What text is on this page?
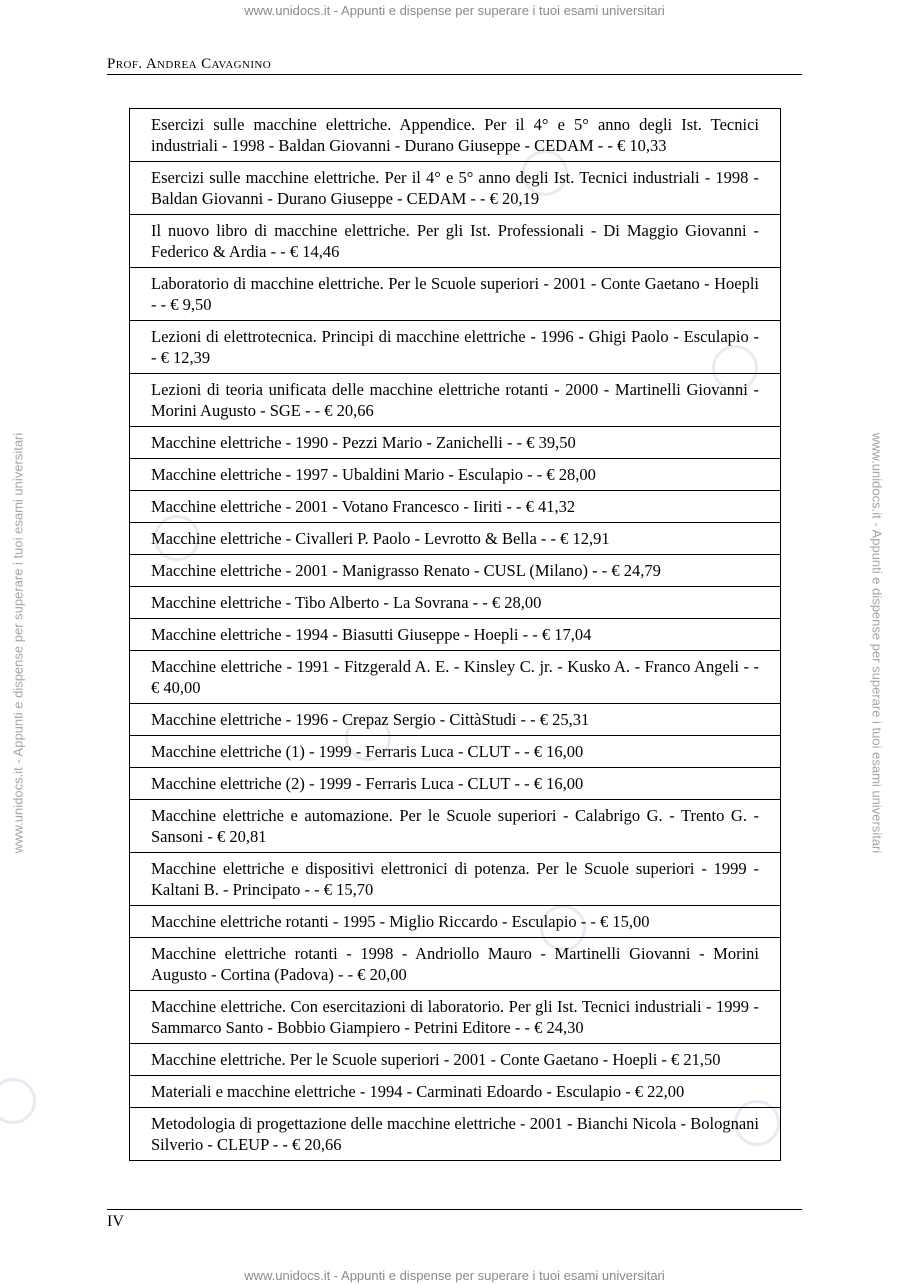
www.unidocs.it - Appunti e dispense per superare i tuoi esami universitari
www.unidocs.it - Appunti e dispense per superare i tuoi esami universitari
www.unidocs.it - Appunti e dispense per superare i tuoi esami universitari	www.unidocs.it - Appunti e dispense per superare i tuoi esami universitari
Prof. Andrea Cavagnino
Esercizi sulle macchine elettriche. Appendice. Per il 4° e 5° anno degli Ist. Tecnici industriali - 1998 - Baldan Giovanni - Durano Giuseppe - CEDAM - - € 10,33
Esercizi sulle macchine elettriche. Per il 4° e 5° anno degli Ist. Tecnici industriali - 1998 - Baldan Giovanni - Durano Giuseppe - CEDAM - - € 20,19
Il nuovo libro di macchine elettriche. Per gli Ist. Professionali - Di Maggio Giovanni - Federico & Ardia - - € 14,46
Laboratorio di macchine elettriche. Per le Scuole superiori - 2001 - Conte Gaetano - Hoepli - - € 9,50
Lezioni di elettrotecnica. Principi di macchine elettriche - 1996 - Ghigi Paolo - Esculapio - - € 12,39
Lezioni di teoria unificata delle macchine elettriche rotanti - 2000 - Martinelli Giovanni - Morini Augusto - SGE - - € 20,66
Macchine elettriche - 1990 - Pezzi Mario - Zanichelli - - € 39,50
Macchine elettriche - 1997 - Ubaldini Mario - Esculapio - - € 28,00
Macchine elettriche - 2001 - Votano Francesco - Iiriti - - € 41,32
Macchine elettriche - Civalleri P. Paolo - Levrotto & Bella - - € 12,91
Macchine elettriche - 2001 - Manigrasso Renato - CUSL (Milano) - - € 24,79
Macchine elettriche - Tibo Alberto - La Sovrana - - € 28,00
Macchine elettriche - 1994 - Biasutti Giuseppe - Hoepli - - € 17,04
Macchine elettriche - 1991 - Fitzgerald A. E. - Kinsley C. jr. - Kusko A. - Franco Angeli - - € 40,00
Macchine elettriche - 1996 - Crepaz Sergio - CittàStudi - - € 25,31
Macchine elettriche (1) - 1999 - Ferraris Luca - CLUT - - € 16,00
Macchine elettriche (2) - 1999 - Ferraris Luca - CLUT - - € 16,00
Macchine elettriche e automazione. Per le Scuole superiori - Calabrigo G. - Trento G. - Sansoni - € 20,81
Macchine elettriche e dispositivi elettronici di potenza. Per le Scuole superiori - 1999 - Kaltani B. - Principato - - € 15,70
Macchine elettriche rotanti - 1995 - Miglio Riccardo - Esculapio - - € 15,00
Macchine elettriche rotanti - 1998 - Andriollo Mauro - Martinelli Giovanni - Morini Augusto - Cortina (Padova) - - € 20,00
Macchine elettriche. Con esercitazioni di laboratorio. Per gli Ist. Tecnici industriali - 1999 - Sammarco Santo - Bobbio Giampiero - Petrini Editore - - € 24,30
Macchine elettriche. Per le Scuole superiori - 2001 - Conte Gaetano - Hoepli - € 21,50
Materiali e macchine elettriche - 1994 - Carminati Edoardo - Esculapio - € 22,00
Metodologia di progettazione delle macchine elettriche - 2001 - Bianchi Nicola - Bolognani Silverio - CLEUP - - € 20,66
IV
